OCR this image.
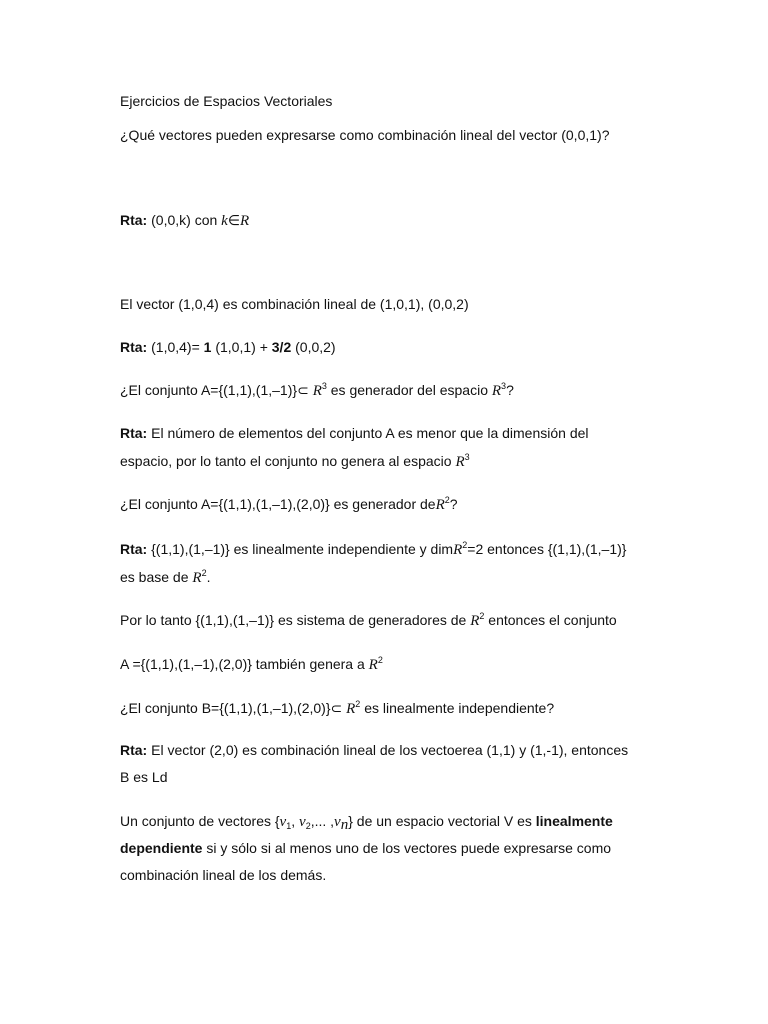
Ejercicios de Espacios Vectoriales
¿Qué vectores pueden expresarse como combinación lineal del vector (0,0,1)?
Rta: (0,0,k) con k∈R
El vector (1,0,4) es combinación lineal de (1,0,1), (0,0,2)
Rta: (1,0,4)= 1 (1,0,1) + 3/2 (0,0,2)
¿El conjunto A={(1,1),(1,–1)}⊂ $R^3$ es generador del espacio $R^3$?
Rta: El número de elementos del conjunto A es menor que la dimensión del
espacio, por lo tanto el conjunto no genera al espacio $R^3$
¿El conjunto A={(1,1),(1,–1),(2,0)} es generador deR$^2$?
Rta: {(1,1),(1,–1)} es linealmente independiente y dimR$^2$=2 entonces {(1,1),(1,–1)}
es base de $R^2$.
Por lo tanto {(1,1),(1,–1)} es sistema de generadores de $R^2$ entonces el conjunto
A ={(1,1),(1,–1),(2,0)} también genera a $R^2$
¿El conjunto B={(1,1),(1,–1),(2,0)}⊂ $R^2$ es linealmente independiente?
Rta: El vector (2,0) es combinación lineal de los vectoerea (1,1) y (1,-1), entonces
B es Ld
Un conjunto de vectores {$v_1$, $v_2$,... $,v_n$} de un espacio vectorial V es linealmente
dependiente si y sólo si al menos uno de los vectores puede expresarse como
combinación lineal de los demás.
